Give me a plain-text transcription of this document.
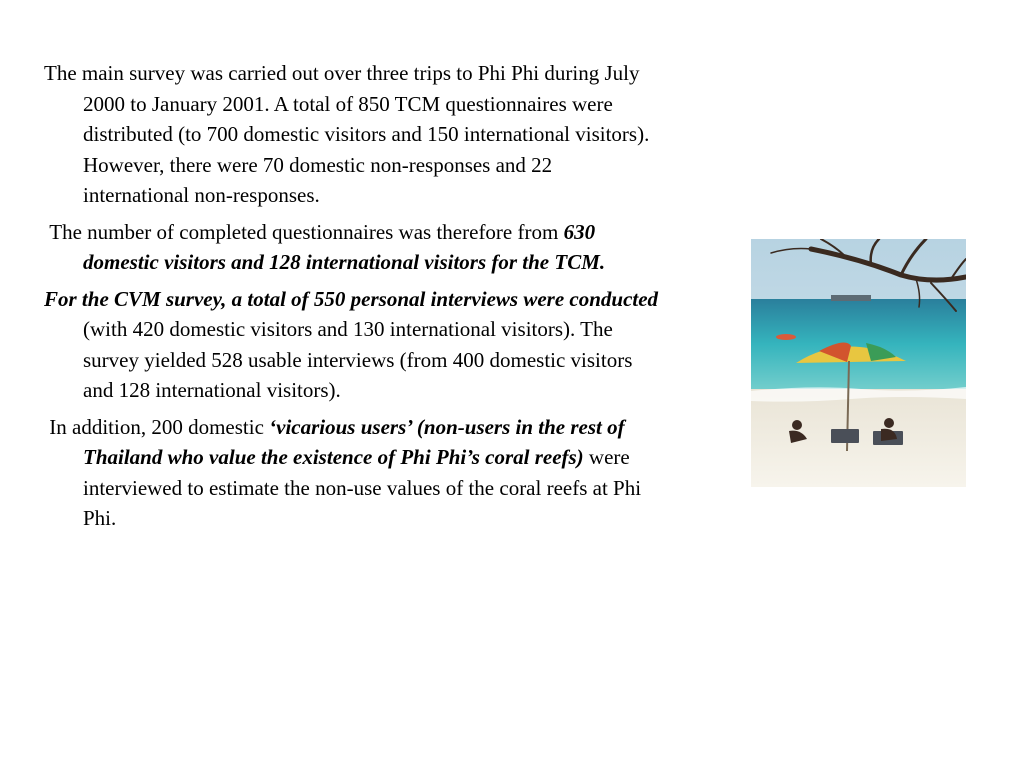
The main survey was carried out over three trips to Phi Phi during July 2000 to January 2001. A total of 850 TCM questionnaires were distributed (to 700 domestic visitors and 150 international visitors). However, there were 70 domestic non-responses and 22 international non-responses.

The number of completed questionnaires was therefore from 630 domestic visitors and 128 international visitors for the TCM.

For the CVM survey, a total of 550 personal interviews were conducted (with 420 domestic visitors and 130 international visitors). The survey yielded 528 usable interviews (from 400 domestic visitors and 128 international visitors).

In addition, 200 domestic ‘vicarious users’ (non-users in the rest of Thailand who value the existence of Phi Phi’s coral reefs) were interviewed to estimate the non-use values of the coral reefs at Phi Phi.
